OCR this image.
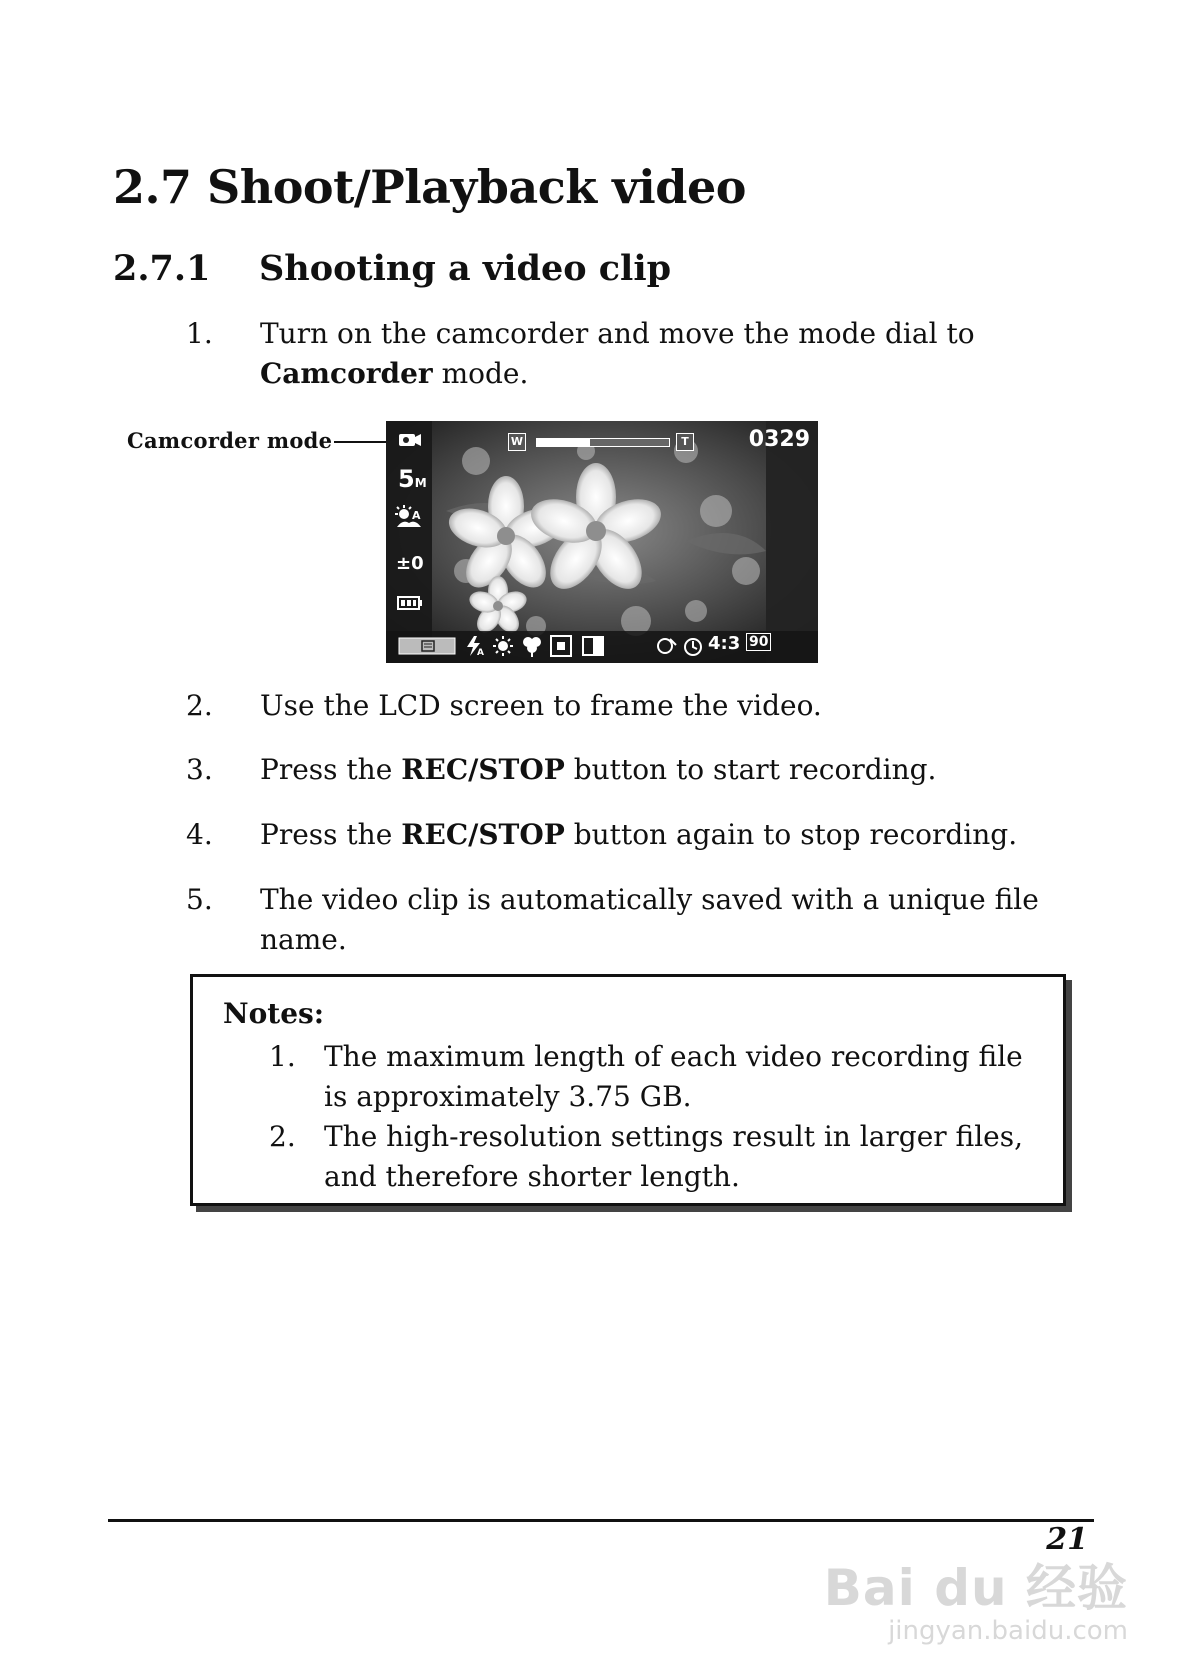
2.7 Shoot/Playback video
2.7.1 Shooting a video clip
1.	Turn on the camcorder and move the mode dial to
Camcorder mode.
Camcorder mode
5M
A
±0
W	T	0329
A	4:3 90
2.	Use the LCD screen to frame the video.
3.	Press the REC/STOP button to start recording.
4.	Press the REC/STOP button again to stop recording.
5.	The video clip is automatically saved with a unique file
name.
Notes:
1. The maximum length of each video recording file
is approximately 3.75 GB.
2. The high-resolution settings result in larger files,
and therefore shorter length.
21
Bai du 经验
jingyan.baidu.com
